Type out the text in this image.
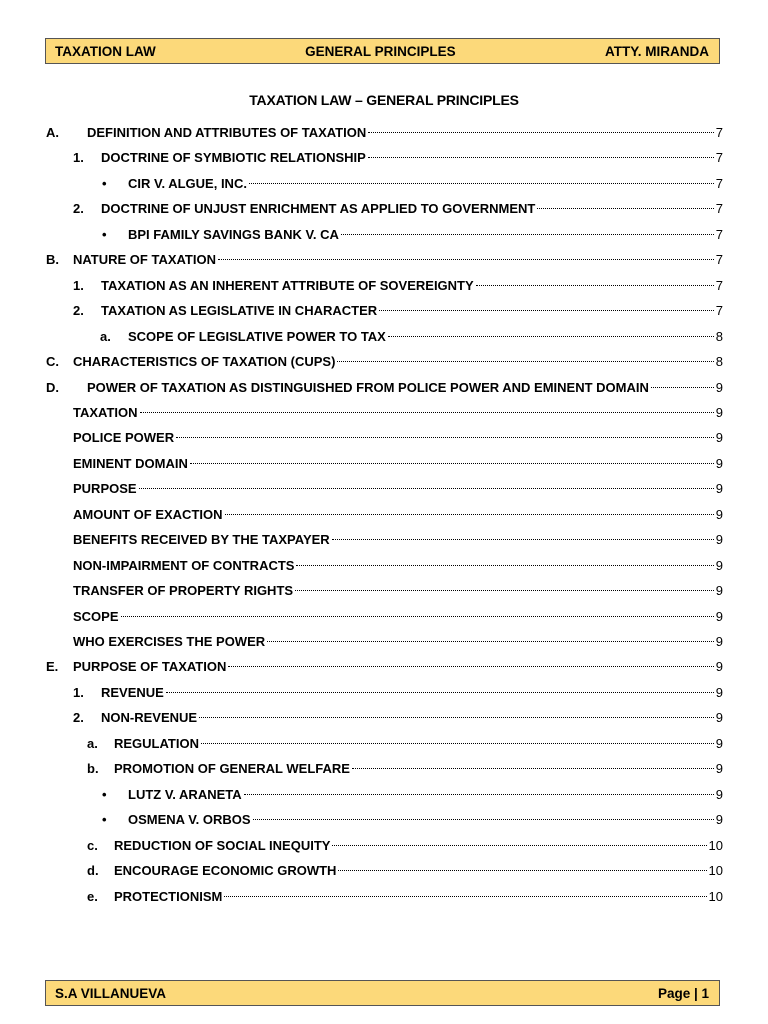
TAXATION LAW	GENERAL PRINCIPLES	ATTY. MIRANDA
TAXATION LAW – GENERAL PRINCIPLES
A.	DEFINITION AND ATTRIBUTES OF TAXATION	7
1.	DOCTRINE OF SYMBIOTIC RELATIONSHIP	7
•	CIR V. ALGUE, INC.	7
2.	DOCTRINE OF UNJUST ENRICHMENT AS APPLIED TO GOVERNMENT	7
•	BPI FAMILY SAVINGS BANK V. CA	7
B.	NATURE OF TAXATION	7
1.	TAXATION AS AN INHERENT ATTRIBUTE OF SOVEREIGNTY	7
2.	TAXATION AS LEGISLATIVE IN CHARACTER	7
a.	SCOPE OF LEGISLATIVE POWER TO TAX	8
C.	CHARACTERISTICS OF TAXATION (CUPS)	8
D.	POWER OF TAXATION AS DISTINGUISHED FROM POLICE POWER AND EMINENT DOMAIN	9
TAXATION	9
POLICE POWER	9
EMINENT DOMAIN	9
PURPOSE	9
AMOUNT OF EXACTION	9
BENEFITS RECEIVED BY THE TAXPAYER	9
NON-IMPAIRMENT OF CONTRACTS	9
TRANSFER OF PROPERTY RIGHTS	9
SCOPE	9
WHO EXERCISES THE POWER	9
E.	PURPOSE OF TAXATION	9
1.	REVENUE	9
2.	NON-REVENUE	9
a.	REGULATION	9
b.	PROMOTION OF GENERAL WELFARE	9
•	LUTZ V. ARANETA	9
•	OSMENA V. ORBOS	9
c.	REDUCTION OF SOCIAL INEQUITY	10
d.	ENCOURAGE ECONOMIC GROWTH	10
e.	PROTECTIONISM	10
S.A VILLANUEVA	Page | 1
